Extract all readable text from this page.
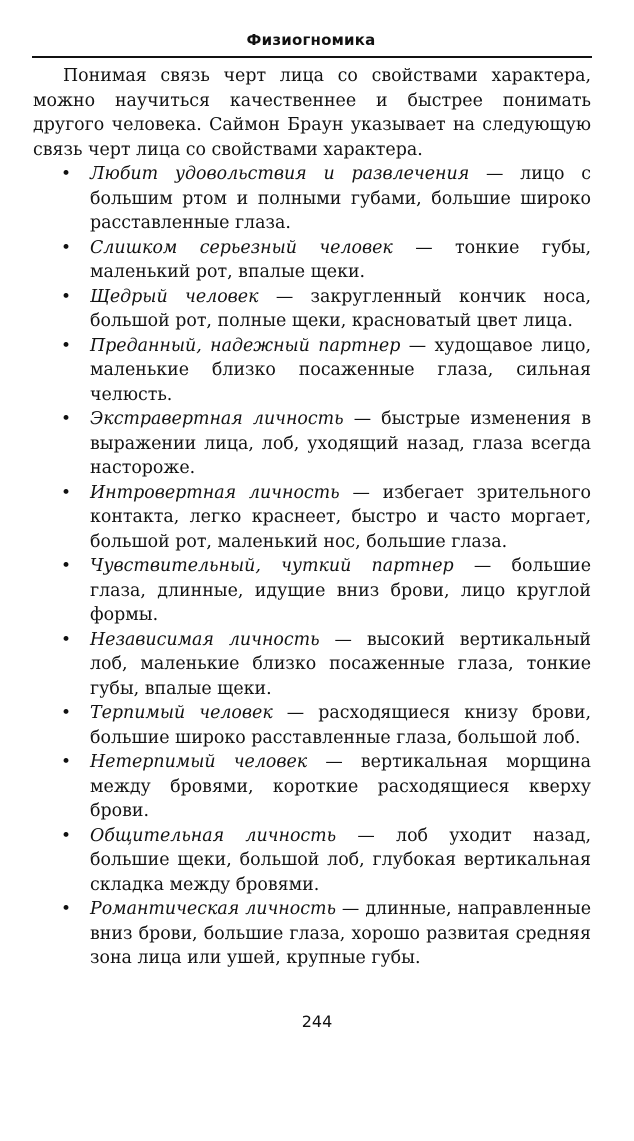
Физиогномика

Понимая связь черт лица со свойствами характера, можно научиться качественнее и быстрее понимать другого человека. Саймон Браун указывает на следующую связь черт лица со свойствами характера.

• Любит удовольствия и развлечения — лицо с большим ртом и полными губами, большие широко расставленные глаза.
• Слишком серьезный человек — тонкие губы, маленький рот, впалые щеки.
• Щедрый человек — закругленный кончик носа, большой рот, полные щеки, красноватый цвет лица.
• Преданный, надежный партнер — худощавое лицо, маленькие близко посаженные глаза, сильная челюсть.
• Экстравертная личность — быстрые изменения в выражении лица, лоб, уходящий назад, глаза всегда настороже.
• Интровертная личность — избегает зрительного контакта, легко краснеет, быстро и часто моргает, большой рот, маленький нос, большие глаза.
• Чувствительный, чуткий партнер — большие глаза, длинные, идущие вниз брови, лицо круглой формы.
• Независимая личность — высокий вертикальный лоб, маленькие близко посаженные глаза, тонкие губы, впалые щеки.
• Терпимый человек — расходящиеся книзу брови, большие широко расставленные глаза, большой лоб.
• Нетерпимый человек — вертикальная морщина между бровями, короткие расходящиеся кверху брови.
• Общительная личность — лоб уходит назад, большие щеки, большой лоб, глубокая вертикальная складка между бровями.
• Романтическая личность — длинные, направленные вниз брови, большие глаза, хорошо развитая средняя зона лица или ушей, крупные губы.
244
